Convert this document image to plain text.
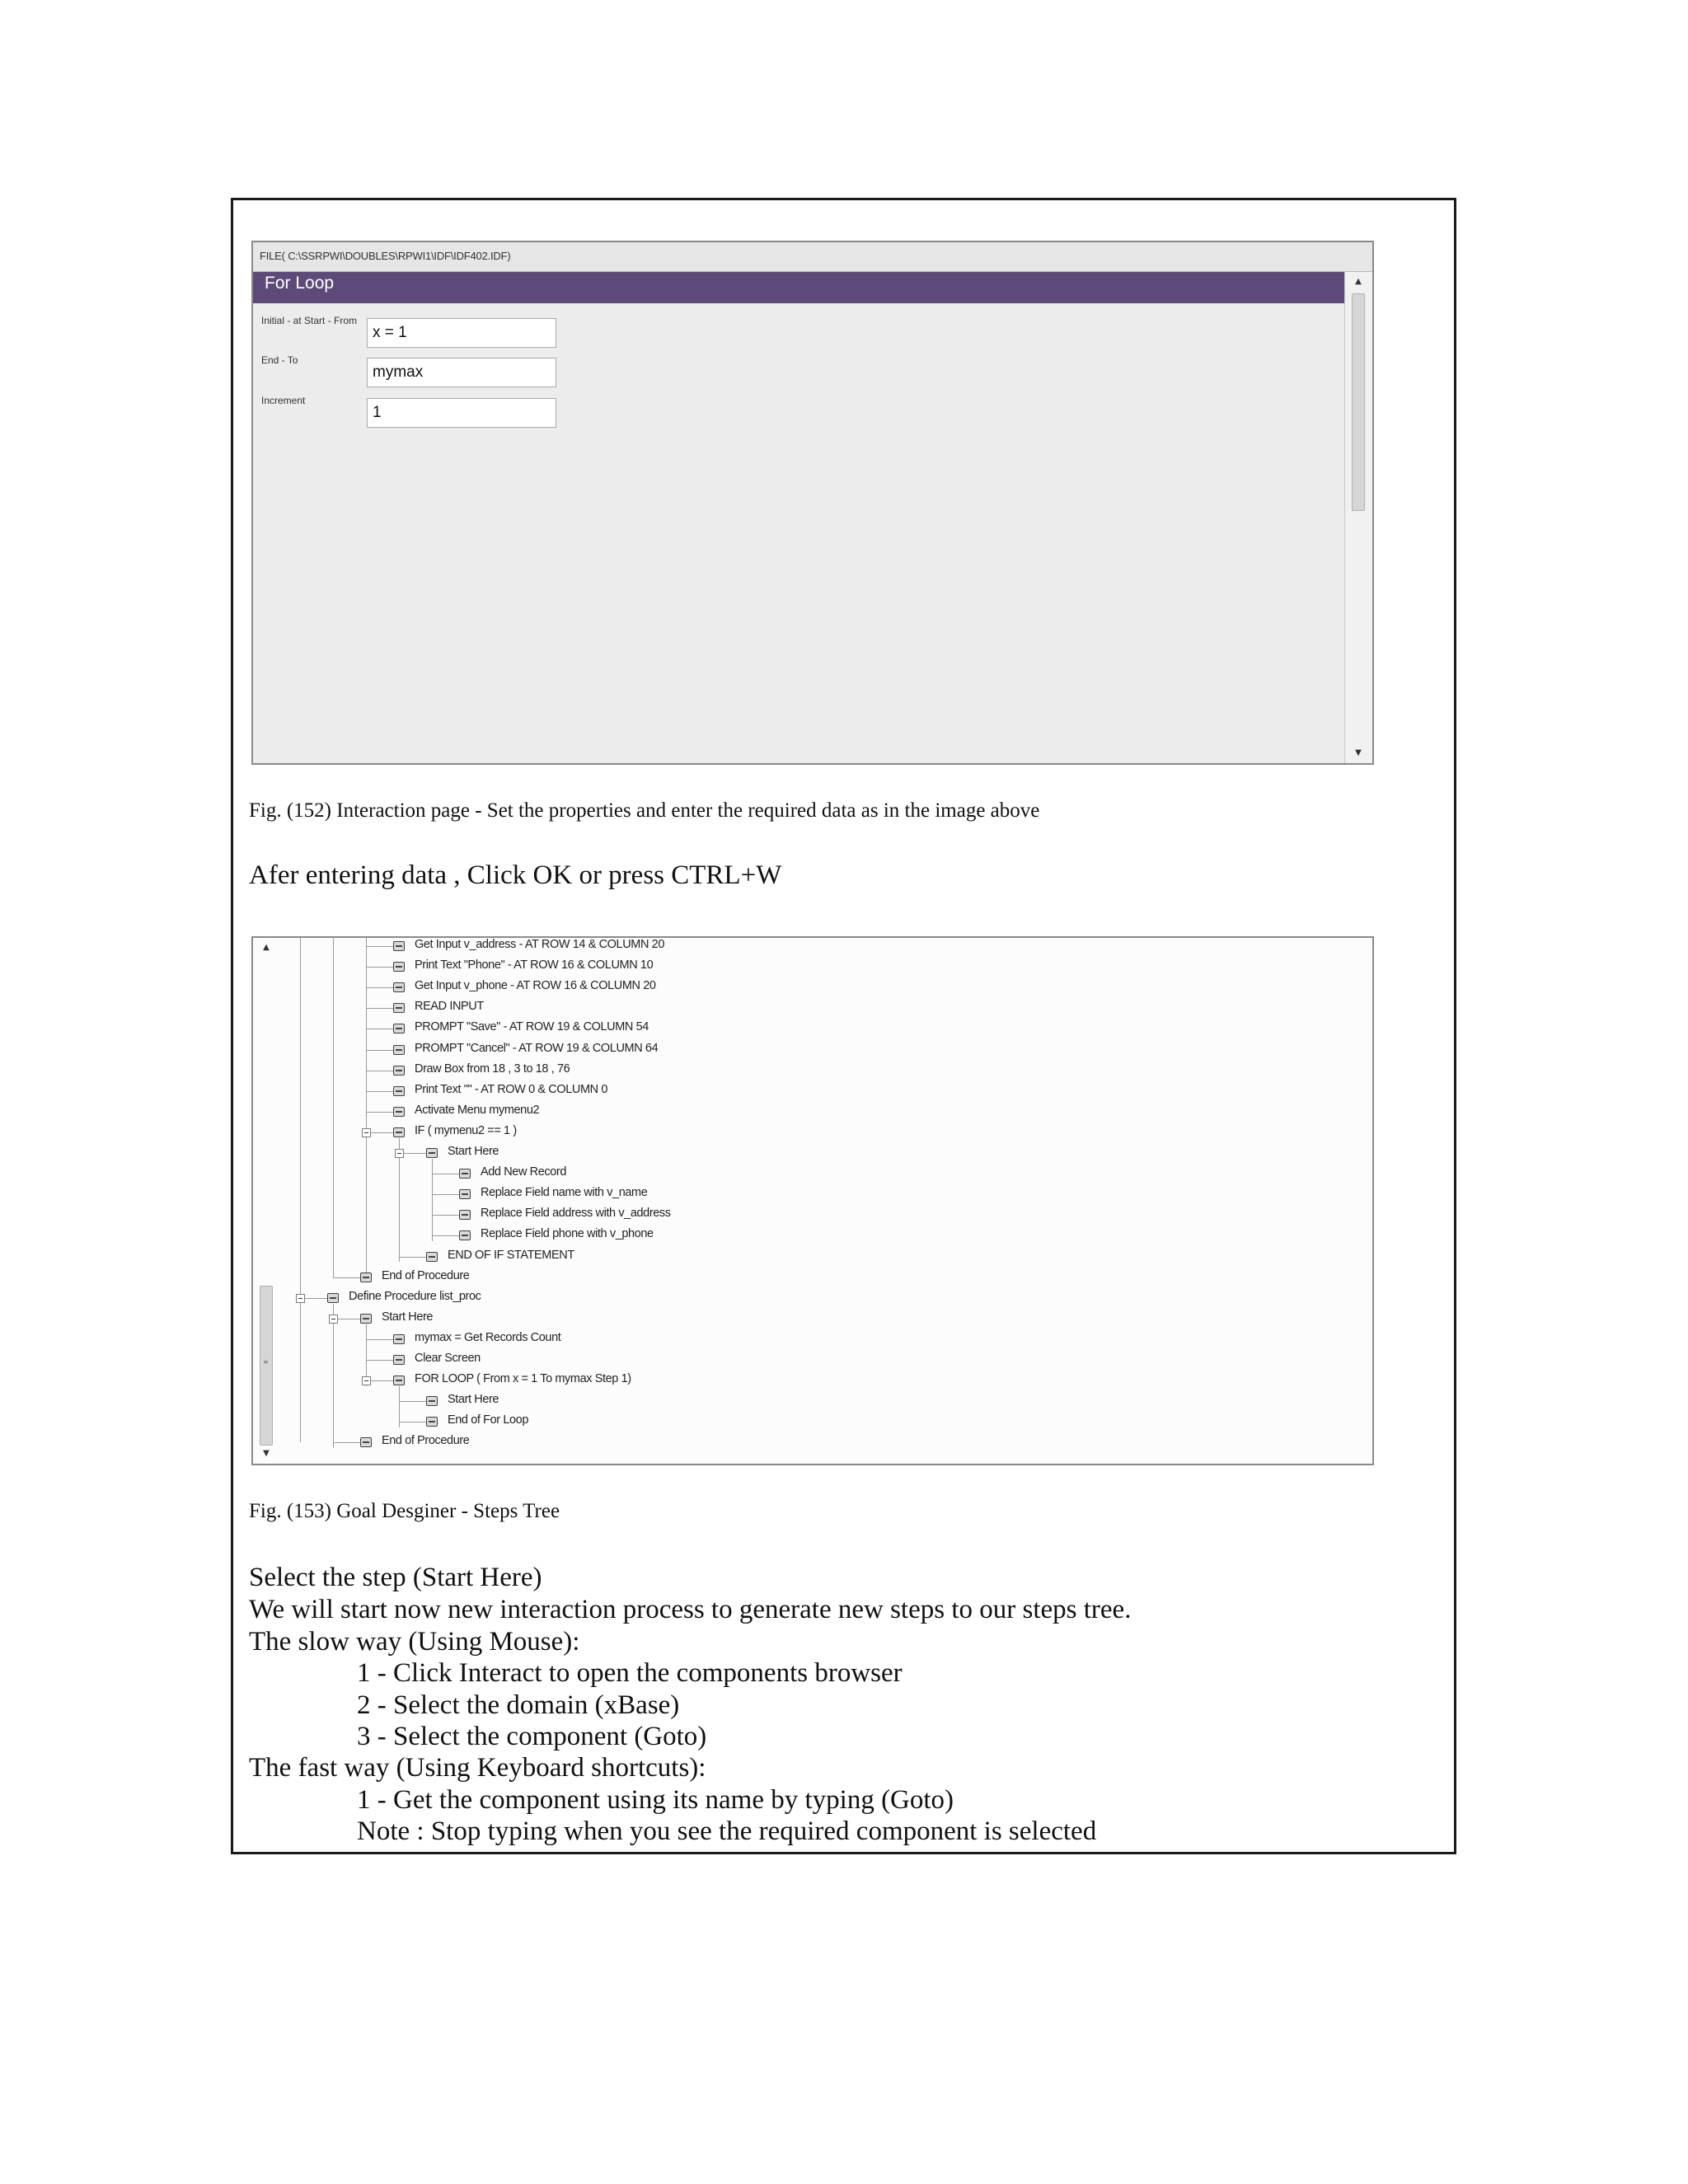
FILE( C:\SSRPWI\DOUBLES\RPWI1\IDF\IDF402.IDF)
For Loop
Initial - at Start - From
x = 1
End - To
mymax
Increment
1
▲
▼
Fig. (152) Interaction page - Set the properties and enter the required data as in the image above
Afer entering data , Click OK or press CTRL+W
Get Input v_address - AT ROW 14 & COLUMN 20
Print Text "Phone" - AT ROW 16 & COLUMN 10
Get Input v_phone - AT ROW 16 & COLUMN 20
READ INPUT
PROMPT "Save" - AT ROW 19 & COLUMN 54
PROMPT "Cancel" - AT ROW 19 & COLUMN 64
Draw Box from 18 , 3 to 18 , 76
Print Text "" - AT ROW 0 & COLUMN 0
Activate Menu mymenu2
IF ( mymenu2 == 1 )
Start Here
Add New Record
Replace Field name with v_name
Replace Field address with v_address
Replace Field phone with v_phone
END OF IF STATEMENT
End of Procedure
Define Procedure list_proc
Start Here
mymax = Get Records Count
Clear Screen
FOR LOOP ( From x = 1 To mymax Step 1)
Start Here
End of For Loop
End of Procedure
▲
≡
▼
Fig. (153) Goal Desginer - Steps Tree
Select the step (Start Here)
We will start now new interaction process to generate new steps to our steps tree.
The slow way (Using Mouse):
1 - Click Interact to open the components browser
2 - Select the domain (xBase)
3 - Select the component (Goto)
The fast way (Using Keyboard shortcuts):
1 - Get the component using its name by typing (Goto)
Note : Stop typing when you see the required component is selected
